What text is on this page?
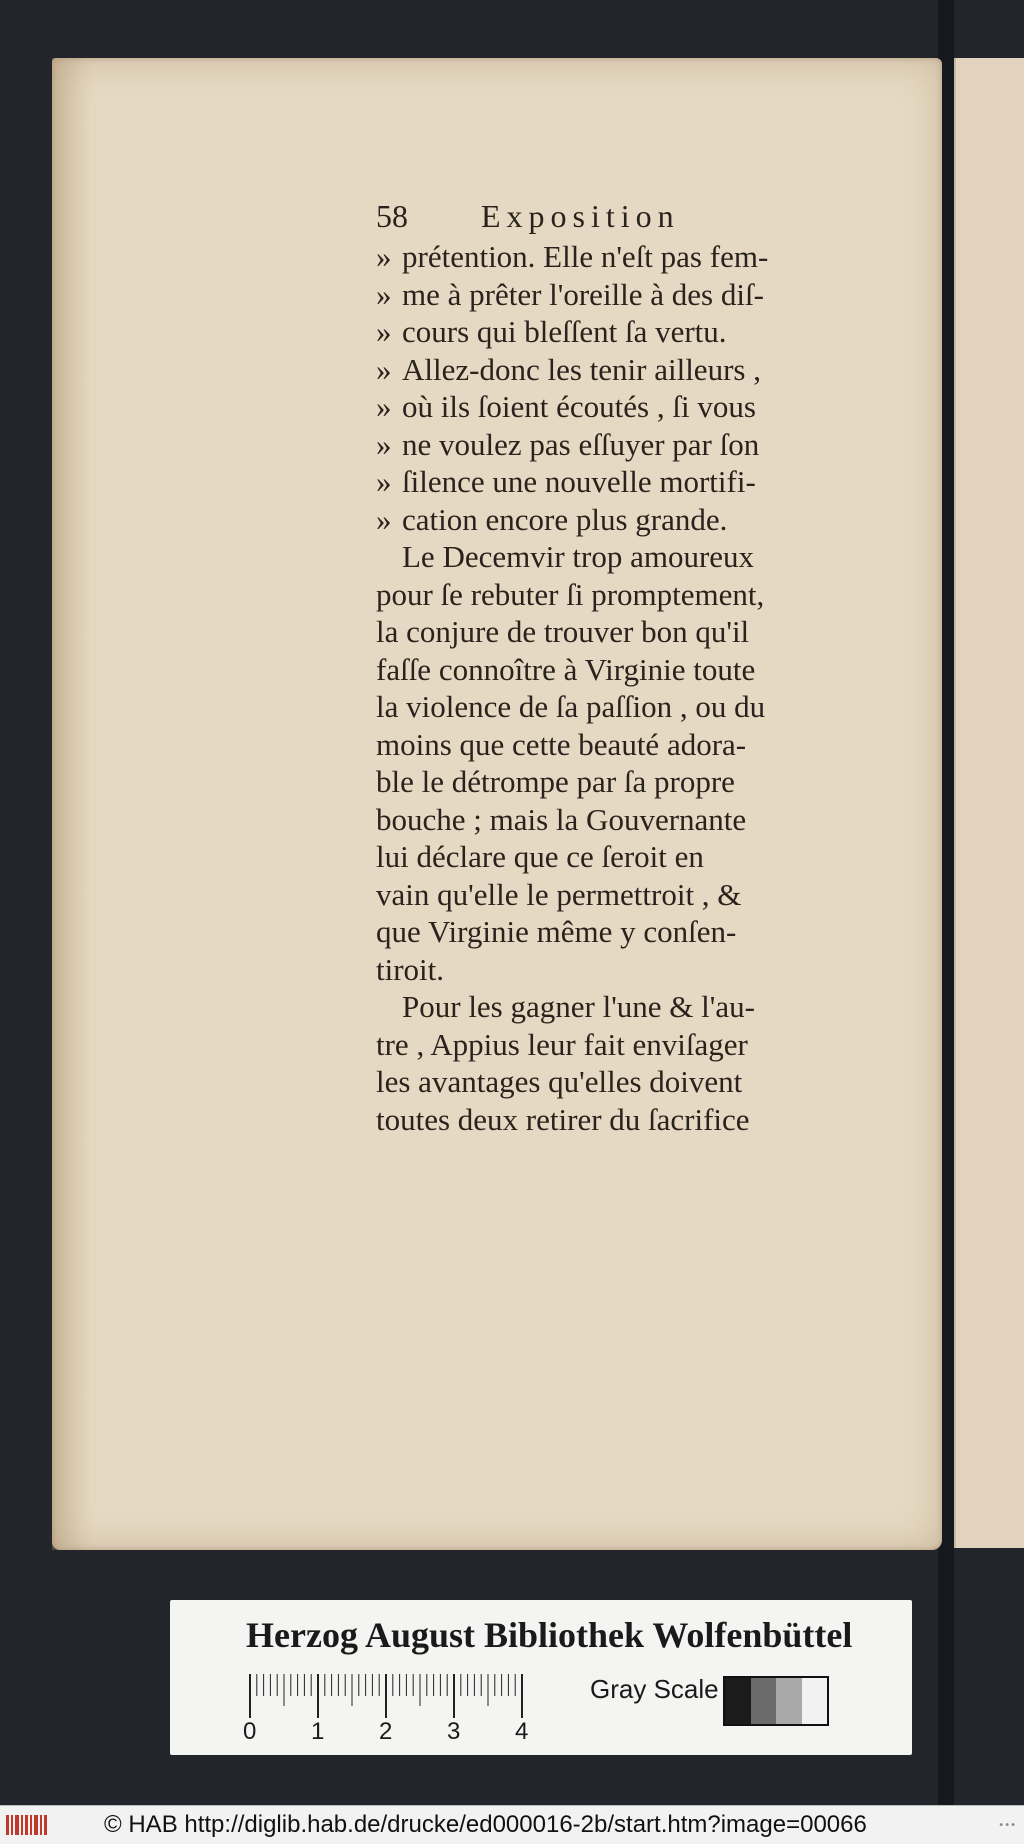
58 Exposition
» prétention. Elle n'eſt pas fem-
» me à prêter l'oreille à des diſ-
» cours qui bleſſent ſa vertu.
» Allez-donc les tenir ailleurs ,
» où ils ſoient écoutés , ſi vous
» ne voulez pas eſſuyer par ſon
» ſilence une nouvelle mortifi-
» cation encore plus grande.
Le Decemvir trop amoureux
pour ſe rebuter ſi promptement,
la conjure de trouver bon qu'il
faſſe connoître à Virginie toute
la violence de ſa paſſion , ou du
moins que cette beauté adora-
ble le détrompe par ſa propre
bouche ; mais la Gouvernante
lui déclare que ce ſeroit en
vain qu'elle le permettroit , &
que Virginie même y conſen-
tiroit.
Pour les gagner l'une & l'au-
tre , Appius leur fait enviſager
les avantages qu'elles doivent
toutes deux retirer du ſacrifice
Herzog August Bibliothek Wolfenbüttel
0 1 2 3 4
Gray Scale
© HAB http://diglib.hab.de/drucke/ed000016-2b/start.htm?image=00066	•••
